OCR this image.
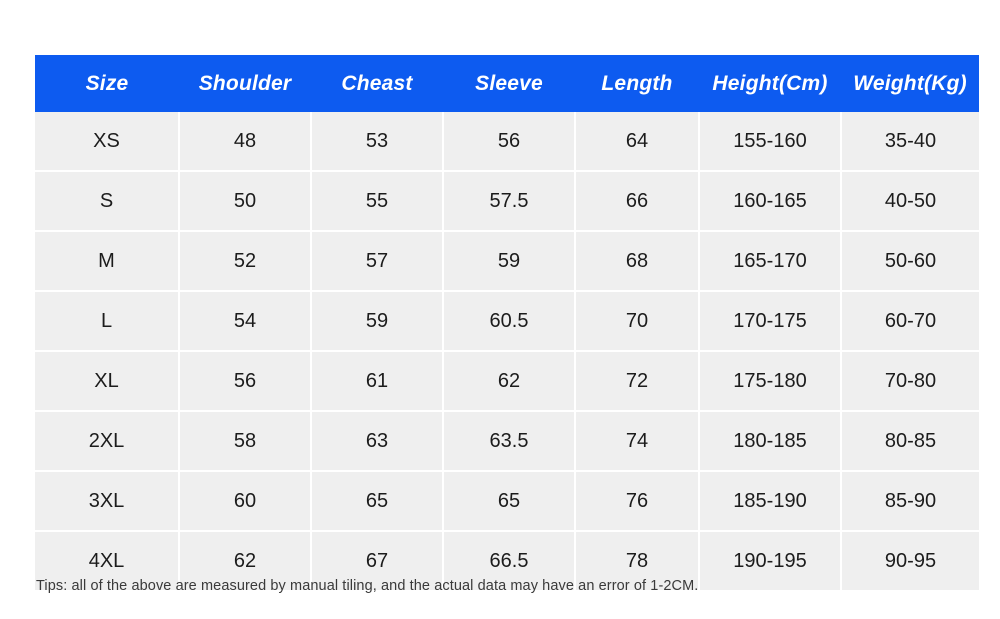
Size	Shoulder	Cheast	Sleeve	Length	Height(Cm)	Weight(Kg)
XS	48	53	56	64	155-160	35-40
S	50	55	57.5	66	160-165	40-50
M	52	57	59	68	165-170	50-60
L	54	59	60.5	70	170-175	60-70
XL	56	61	62	72	175-180	70-80
2XL	58	63	63.5	74	180-185	80-85
3XL	60	65	65	76	185-190	85-90
4XL	62	67	66.5	78	190-195	90-95
Tips: all of the above are measured by manual tiling, and the actual data may have an error of 1-2CM.
